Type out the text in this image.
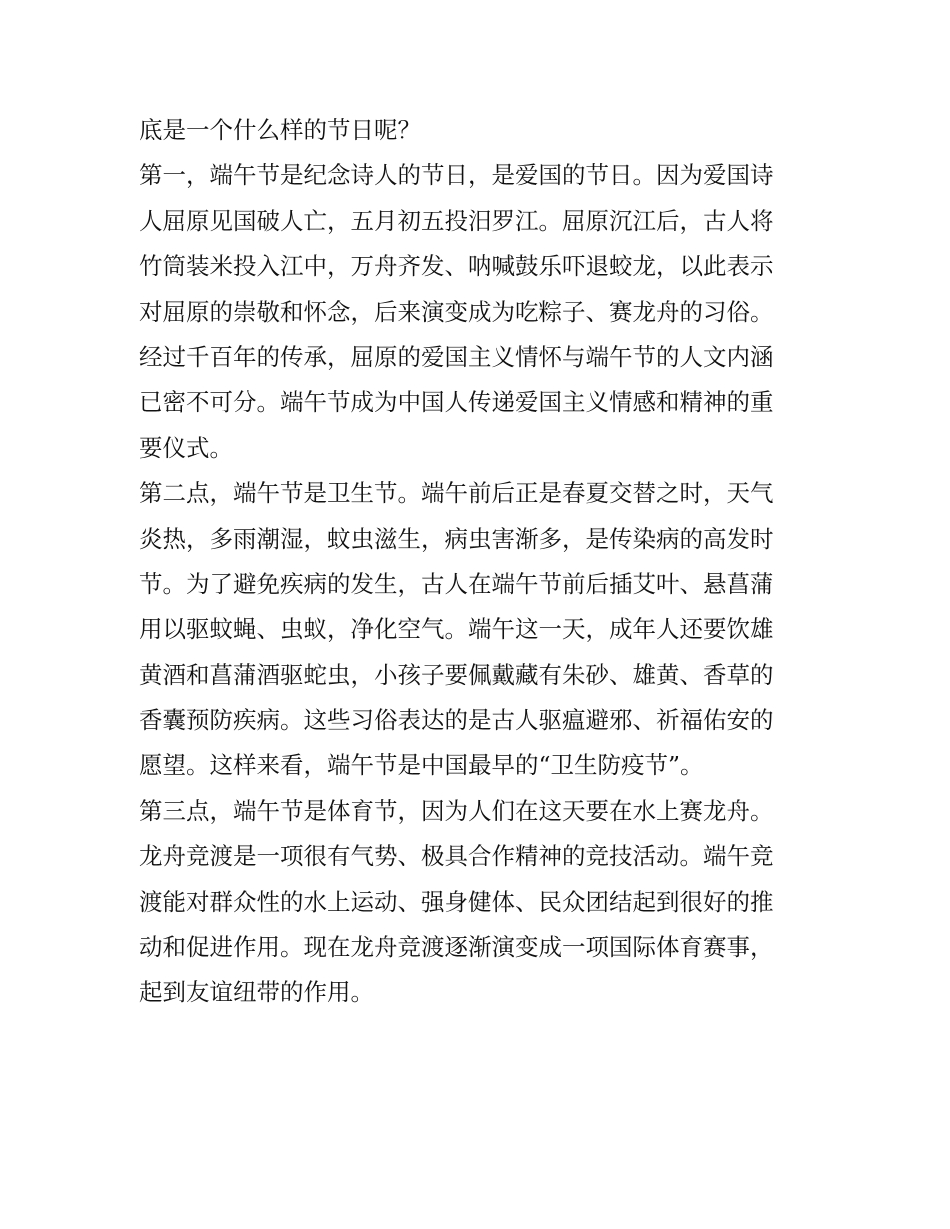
底是一个什么样的节日呢？
第一，端午节是纪念诗人的节日，是爱国的节日。因为爱国诗
人屈原见国破人亡，五月初五投汨罗江。屈原沉江后，古人将
竹筒装米投入江中，万舟齐发、呐喊鼓乐吓退蛟龙，以此表示
对屈原的崇敬和怀念，后来演变成为吃粽子、赛龙舟的习俗。
经过千百年的传承，屈原的爱国主义情怀与端午节的人文内涵
已密不可分。端午节成为中国人传递爱国主义情感和精神的重
要仪式。
第二点，端午节是卫生节。端午前后正是春夏交替之时，天气
炎热，多雨潮湿，蚊虫滋生，病虫害渐多，是传染病的高发时
节。为了避免疾病的发生，古人在端午节前后插艾叶、悬菖蒲
用以驱蚊蝇、虫蚁，净化空气。端午这一天，成年人还要饮雄
黄酒和菖蒲酒驱蛇虫，小孩子要佩戴藏有朱砂、雄黄、香草的
香囊预防疾病。这些习俗表达的是古人驱瘟避邪、祈福佑安的
愿望。这样来看，端午节是中国最早的“卫生防疫节”。
第三点，端午节是体育节，因为人们在这天要在水上赛龙舟。
龙舟竞渡是一项很有气势、极具合作精神的竞技活动。端午竞
渡能对群众性的水上运动、强身健体、民众团结起到很好的推
动和促进作用。现在龙舟竞渡逐渐演变成一项国际体育赛事，
起到友谊纽带的作用。
